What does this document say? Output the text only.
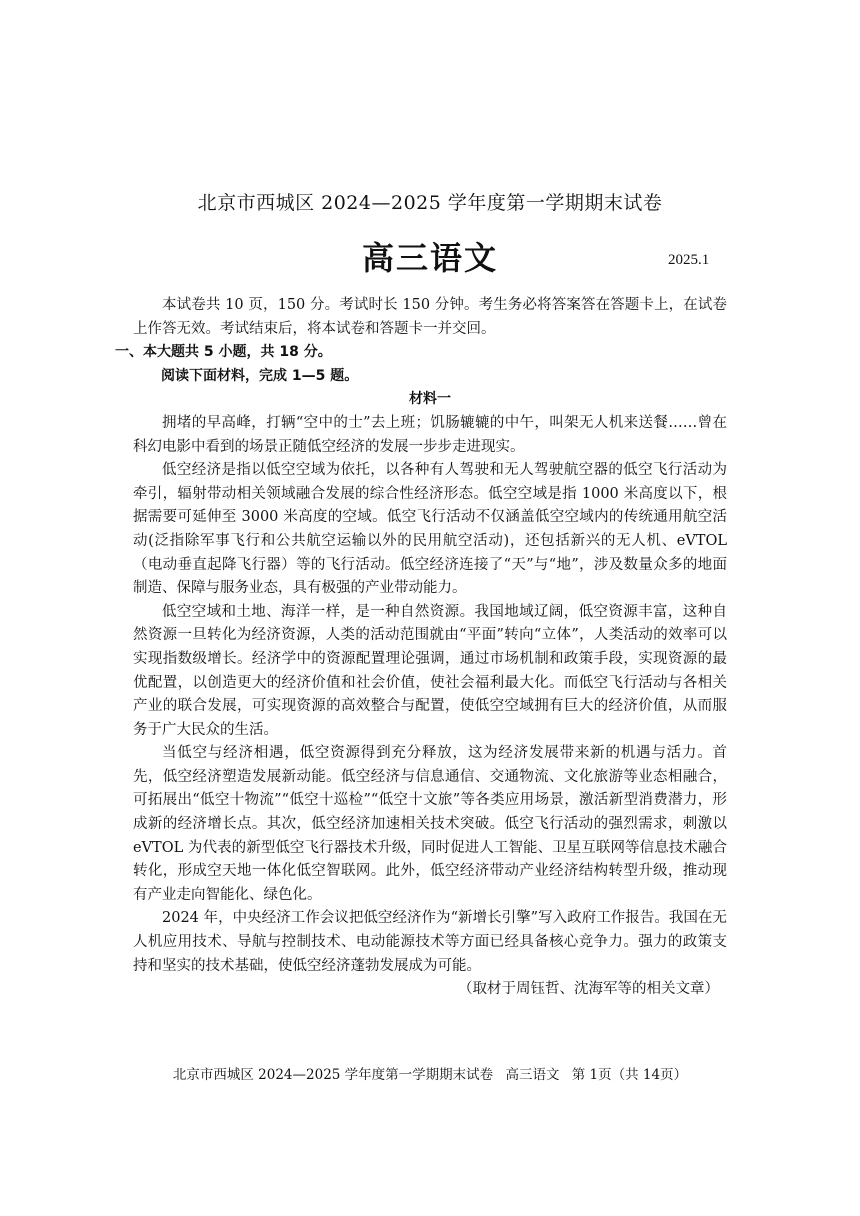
北京市西城区 2024—2025 学年度第一学期期末试卷
高三语文	2025.1

本试卷共 10 页，150 分。考试时长 150 分钟。考生务必将答案答在答题卡上，在试卷上作答无效。考试结束后，将本试卷和答题卡一并交回。

一、本大题共 5 小题，共 18 分。

阅读下面材料，完成 1—5 题。

材料一

拥堵的早高峰，打辆“空中的士”去上班；饥肠辘辘的中午，叫架无人机来送餐……曾在科幻电影中看到的场景正随低空经济的发展一步步走进现实。

低空经济是指以低空空域为依托，以各种有人驾驶和无人驾驶航空器的低空飞行活动为牵引，辐射带动相关领域融合发展的综合性经济形态。低空空域是指 1000 米高度以下，根据需要可延伸至 3000 米高度的空域。低空飞行活动不仅涵盖低空空域内的传统通用航空活动(泛指除军事飞行和公共航空运输以外的民用航空活动)，还包括新兴的无人机、eVTOL（电动垂直起降飞行器）等的飞行活动。低空经济连接了“天”与“地”，涉及数量众多的地面制造、保障与服务业态，具有极强的产业带动能力。

低空空域和土地、海洋一样，是一种自然资源。我国地域辽阔，低空资源丰富，这种自然资源一旦转化为经济资源，人类的活动范围就由“平面”转向“立体”，人类活动的效率可以实现指数级增长。经济学中的资源配置理论强调，通过市场机制和政策手段，实现资源的最优配置，以创造更大的经济价值和社会价值，使社会福利最大化。而低空飞行活动与各相关产业的联合发展，可实现资源的高效整合与配置，使低空空域拥有巨大的经济价值，从而服务于广大民众的生活。

当低空与经济相遇，低空资源得到充分释放，这为经济发展带来新的机遇与活力。首先，低空经济塑造发展新动能。低空经济与信息通信、交通物流、文化旅游等业态相融合，可拓展出“低空十物流”“低空十巡检”“低空十文旅”等各类应用场景，激活新型消费潜力，形成新的经济增长点。其次，低空经济加速相关技术突破。低空飞行活动的强烈需求，刺激以 eVTOL 为代表的新型低空飞行器技术升级，同时促进人工智能、卫星互联网等信息技术融合转化，形成空天地一体化低空智联网。此外，低空经济带动产业经济结构转型升级，推动现有产业走向智能化、绿色化。

2024 年，中央经济工作会议把低空经济作为“新增长引擎”写入政府工作报告。我国在无人机应用技术、导航与控制技术、电动能源技术等方面已经具备核心竞争力。强力的政策支持和坚实的技术基础，使低空经济蓬勃发展成为可能。

（取材于周钰哲、沈海军等的相关文章）

北京市西城区 2024—2025 学年度第一学期期末试卷 高三语文 第 1页（共 14页）
